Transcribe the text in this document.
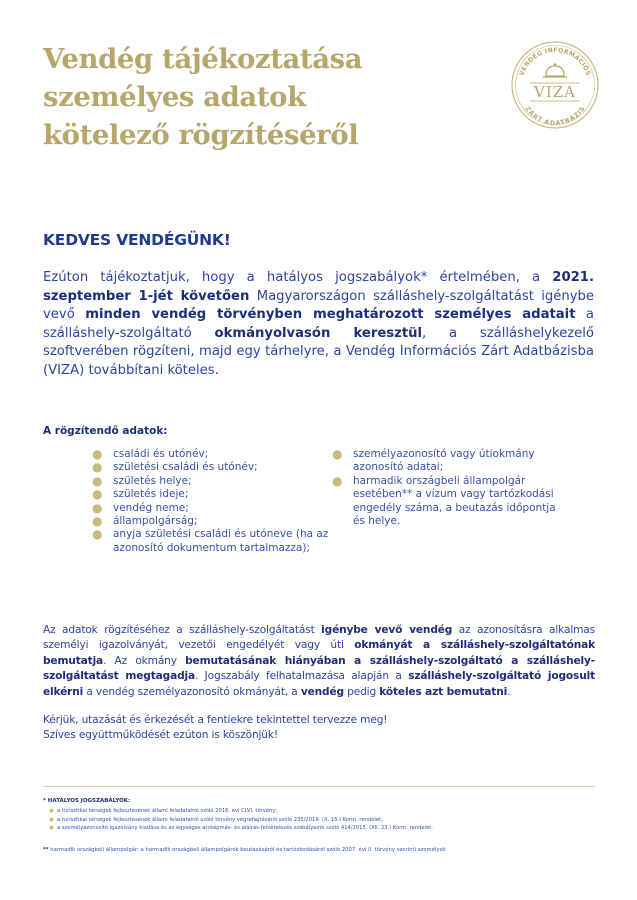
Vendég tájékoztatása
személyes adatok
kötelező rögzítéséről
VENDÉG INFORMÁCIÓS
ZÁRT ADATBÁZIS
VIZA
KEDVES VENDÉGÜNK!

Ezúton tájékoztatjuk, hogy a hatályos jogszabályok* értelmében, a 2021. szeptember 1-jét követően Magyarországon szálláshely-szolgáltatást igénybe vevő minden vendég törvényben meghatározott személyes adatait a szálláshely-szolgáltató okmányolvasón keresztül, a szálláshelykezelő szoftverében rögzíteni, majd egy tárhelyre, a Vendég Információs Zárt Adatbázisba (VIZA) továbbítani köteles.

A rögzítendő adatok:
● családi és utónév;
● születési családi és utónév;
● születés helye;
● születés ideje;
● vendég neme;
● állampolgárság;
● anyja születési családi és utóneve (ha az azonosító dokumentum tartalmazza);
● személyazonosító vagy útiokmány azonosító adatai;
● harmadik országbeli állampolgár esetében** a vízum vagy tartózkodási engedély száma, a beutazás időpontja és helye.

Az adatok rögzítéséhez a szálláshely-szolgáltatást igénybe vevő vendég az azonosításra alkalmas személyi igazolványát, vezetői engedélyét vagy úti okmányát a szálláshely-szolgáltatónak bemutatja. Az okmány bemutatásának hiányában a szálláshely-szolgáltató a szálláshely-szolgáltatást megtagadja. Jogszabály felhatalmazása alapján a szálláshely-szolgáltató jogosult elkérni a vendég személyazonosító okmányát, a vendég pedig köteles azt bemutatni.

Kérjük, utazását és érkezését a fentiekre tekintettel tervezze meg!
Szíves együttműködését ezúton is köszönjük!

* HATÁLYOS JOGSZABÁLYOK:
● a turisztikai térségek fejlesztésének állami feladatairól szóló 2016. évi CLVI. törvény;
● a turisztikai térségek fejlesztésének állami feladatairól szóló törvény végrehajtásáról szóló 235/2019. (X. 15.) Korm. rendelet;
● a személyazonosító igazolvány kiadása és az egységes arcképmás- és aláírás-felvételezés szabályairól szóló 414/2015. (XII. 23.) Korm. rendelet.
** harmadik országbeli állampolgár: a harmadik országbeli állampolgárok beutazásáról és tartózkodásáról szóló 2007. évi II. törvény szerinti személyek
